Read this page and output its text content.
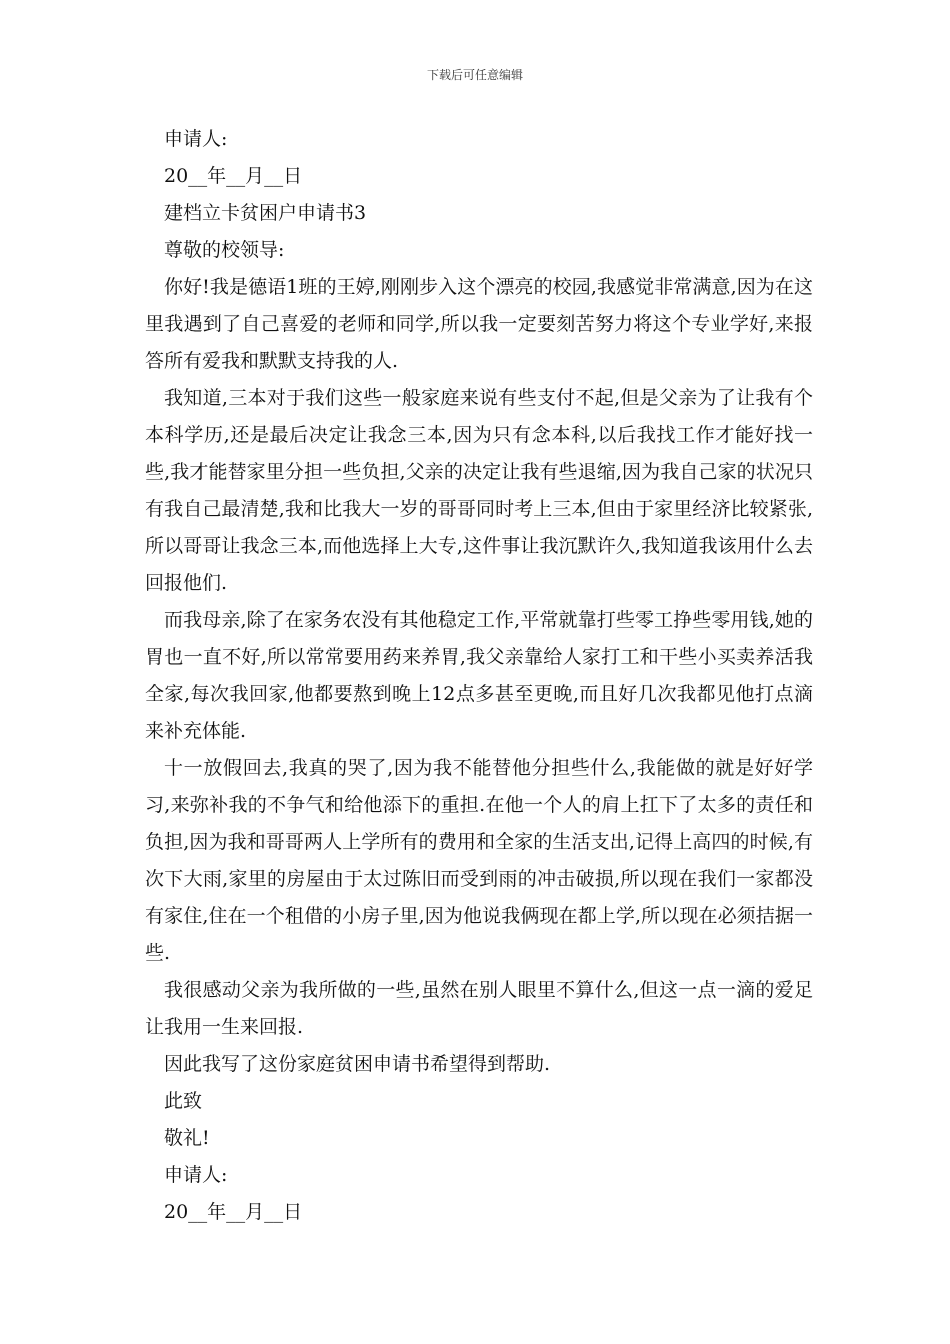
下载后可任意编辑
申请人:
20__年__月__日
建档立卡贫困户申请书3
尊敬的校领导:
你好!我是德语1班的王婷,刚刚步入这个漂亮的校园,我感觉非常满意,因为在这里我遇到了自己喜爱的老师和同学,所以我一定要刻苦努力将这个专业学好,来报答所有爱我和默默支持我的人.
我知道,三本对于我们这些一般家庭来说有些支付不起,但是父亲为了让我有个本科学历,还是最后决定让我念三本,因为只有念本科,以后我找工作才能好找一些,我才能替家里分担一些负担,父亲的决定让我有些退缩,因为我自己家的状况只有我自己最清楚,我和比我大一岁的哥哥同时考上三本,但由于家里经济比较紧张,所以哥哥让我念三本,而他选择上大专,这件事让我沉默许久,我知道我该用什么去回报他们.
而我母亲,除了在家务农没有其他稳定工作,平常就靠打些零工挣些零用钱,她的胃也一直不好,所以常常要用药来养胃,我父亲靠给人家打工和干些小买卖养活我全家,每次我回家,他都要熬到晚上12点多甚至更晚,而且好几次我都见他打点滴来补充体能.
十一放假回去,我真的哭了,因为我不能替他分担些什么,我能做的就是好好学习,来弥补我的不争气和给他添下的重担.在他一个人的肩上扛下了太多的责任和负担,因为我和哥哥两人上学所有的费用和全家的生活支出,记得上高四的时候,有次下大雨,家里的房屋由于太过陈旧而受到雨的冲击破损,所以现在我们一家都没有家住,住在一个租借的小房子里,因为他说我俩现在都上学,所以现在必须拮据一些.
我很感动父亲为我所做的一些,虽然在别人眼里不算什么,但这一点一滴的爱足让我用一生来回报.
因此我写了这份家庭贫困申请书希望得到帮助.
此致
敬礼!
申请人:
20__年__月__日
